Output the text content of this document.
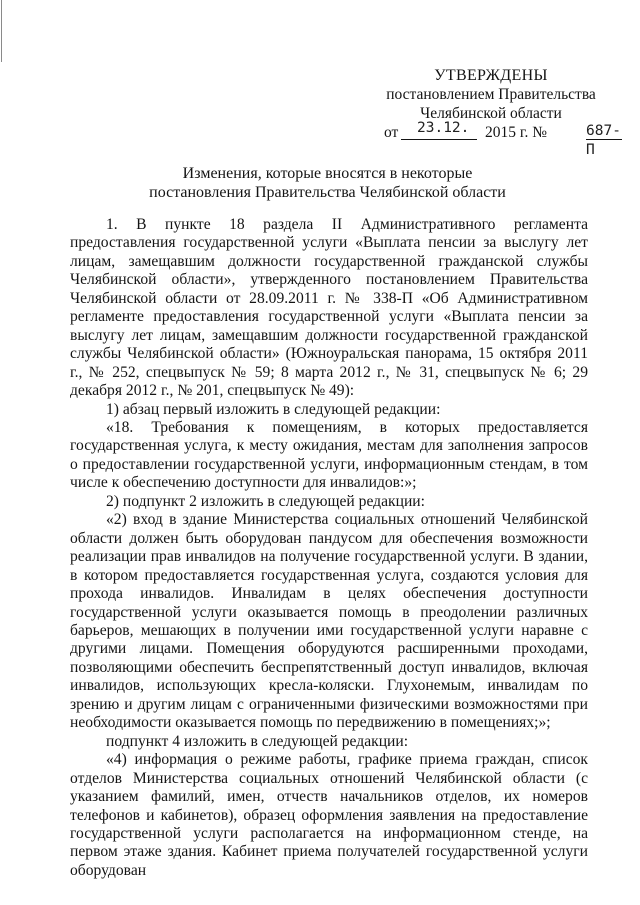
УТВЕРЖДЕНЫ
постановлением Правительства
Челябинской области
от 23.12. 2015 г. №	687-П
Изменения, которые вносятся в некоторые
постановления Правительства Челябинской области

1. В пункте 18 раздела II Административного регламента предоставления государственной услуги «Выплата пенсии за выслугу лет лицам, замещавшим должности государственной гражданской службы Челябинской области», утвержденного постановлением Правительства Челябинской области от 28.09.2011 г. № 338-П «Об Административном регламенте предоставления государственной услуги «Выплата пенсии за выслугу лет лицам, замещавшим должности государственной гражданской службы Челябинской области» (Южноуральская панорама, 15 октября 2011 г., № 252, спецвыпуск № 59; 8 марта 2012 г., № 31, спецвыпуск № 6; 29 декабря 2012 г., № 201, спецвыпуск № 49):

1) абзац первый изложить в следующей редакции:

«18. Требования к помещениям, в которых предоставляется государственная услуга, к месту ожидания, местам для заполнения запросов о предоставлении государственной услуги, информационным стендам, в том числе к обеспечению доступности для инвалидов:»;

2) подпункт 2 изложить в следующей редакции:

«2) вход в здание Министерства социальных отношений Челябинской области должен быть оборудован пандусом для обеспечения возможности реализации прав инвалидов на получение государственной услуги. В здании, в котором предоставляется государственная услуга, создаются условия для прохода инвалидов. Инвалидам в целях обеспечения доступности государственной услуги оказывается помощь в преодолении различных барьеров, мешающих в получении ими государственной услуги наравне с другими лицами. Помещения оборудуются расширенными проходами, позволяющими обеспечить беспрепятственный доступ инвалидов, включая инвалидов, использующих кресла-коляски. Глухонемым, инвалидам по зрению и другим лицам с ограниченными физическими возможностями при необходимости оказывается помощь по передвижению в помещениях;»;

подпункт 4 изложить в следующей редакции:

«4) информация о режиме работы, графике приема граждан, список отделов Министерства социальных отношений Челябинской области (с указанием фамилий, имен, отчеств начальников отделов, их номеров телефонов и кабинетов), образец оформления заявления на предоставление государственной услуги располагается на информационном стенде, на первом этаже здания. Кабинет приема получателей государственной услуги оборудован
